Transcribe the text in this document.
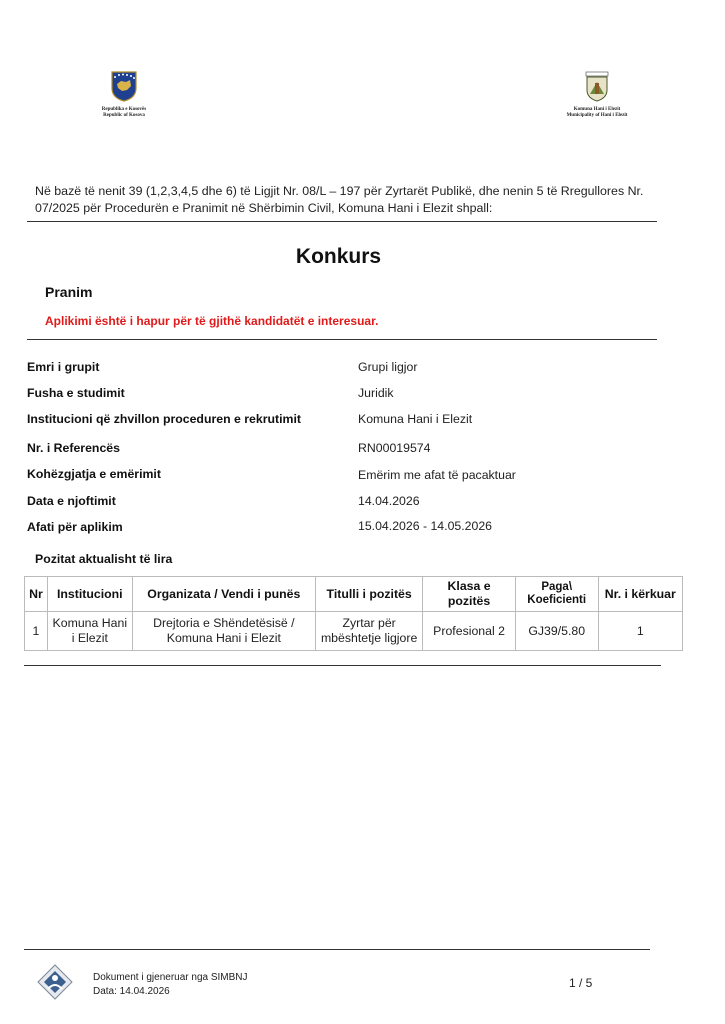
Republika e Kosovës
Republic of Kosova
Komuna Hani i Elezit
Municipality of Hani i Elezit
Në bazë të nenit 39 (1,2,3,4,5 dhe 6) të Ligjit Nr. 08/L – 197 për Zyrtarët Publikë, dhe nenin 5 të Rregullores Nr. 07/2025 për Procedurën e Pranimit në Shërbimin Civil, Komuna Hani i Elezit shpall:
Konkurs
Pranim
Aplikimi është i hapur për të gjithë kandidatët e interesuar.
Emri i grupit	Grupi ligjor
Fusha e studimit	Juridik
Institucioni që zhvillon proceduren e rekrutimit	Komuna Hani i Elezit
Nr. i Referencës	RN00019574
Kohëzgjatja e emërimit	Emërim me afat të pacaktuar
Data e njoftimit	14.04.2026
Afati për aplikim	15.04.2026 - 14.05.2026
Pozitat aktualisht të lira
Nr	Institucioni	Organizata / Vendi i punës	Titulli i pozitës	Klasa e pozitës	Paga\ Koeficienti	Nr. i kërkuar
1	Komuna Hani i Elezit	Drejtoria e Shëndetësisë / Komuna Hani i Elezit	Zyrtar për mbështetje ligjore	Profesional 2	GJ39/5.80	1
Dokument i gjeneruar nga SIMBNJ
Data: 14.04.2026
1 / 5
